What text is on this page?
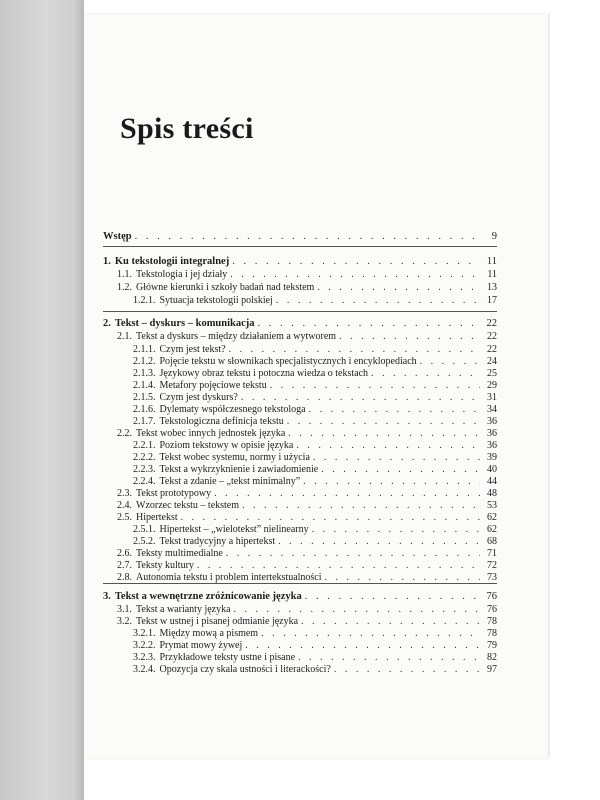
Spis treści
Wstęp . . .	9
1. Ku tekstologii integralnej . . .	11
1.1. Tekstologia i jej działy . . .	11
1.2. Główne kierunki i szkoły badań nad tekstem . . .	13
1.2.1. Sytuacja tekstologii polskiej . . .	17
2. Tekst – dyskurs – komunikacja . . .	22
2.1. Tekst a dyskurs – między działaniem a wytworem . . .	22
2.1.1. Czym jest tekst? . . .	22
2.1.2. Pojęcie tekstu w słownikach specjalistycznych i encyklopediach . . .	24
2.1.3. Językowy obraz tekstu i potoczna wiedza o tekstach . . .	25
2.1.4. Metafory pojęciowe tekstu . . .	29
2.1.5. Czym jest dyskurs? . . .	31
2.1.6. Dylematy współczesnego tekstologa . . .	34
2.1.7. Tekstologiczna definicja tekstu . . .	36
2.2. Tekst wobec innych jednostek języka . . .	36
2.2.1. Poziom tekstowy w opisie języka . . .	36
2.2.2. Tekst wobec systemu, normy i użycia . . .	39
2.2.3. Tekst a wykrzyknienie i zawiadomienie . . .	40
2.2.4. Tekst a zdanie – „tekst minimalny” . . .	44
2.3. Tekst prototypowy . . .	48
2.4. Wzorzec tekstu – tekstem . . .	53
2.5. Hipertekst . . .	62
2.5.1. Hipertekst – „wielotekst” nielinearny . . .	62
2.5.2. Tekst tradycyjny a hipertekst . . .	68
2.6. Teksty multimedialne . . .	71
2.7. Teksty kultury . . .	72
2.8. Autonomia tekstu i problem intertekstualności . . .	73
3. Tekst a wewnętrzne zróżnicowanie języka . . .	76
3.1. Tekst a warianty języka . . .	76
3.2. Tekst w ustnej i pisanej odmianie języka . . .	78
3.2.1. Między mową a pismem . . .	78
3.2.2. Prymat mowy żywej . . .	79
3.2.3. Przykładowe teksty ustne i pisane . . .	82
3.2.4. Opozycja czy skala ustności i literackości? . . .	97
